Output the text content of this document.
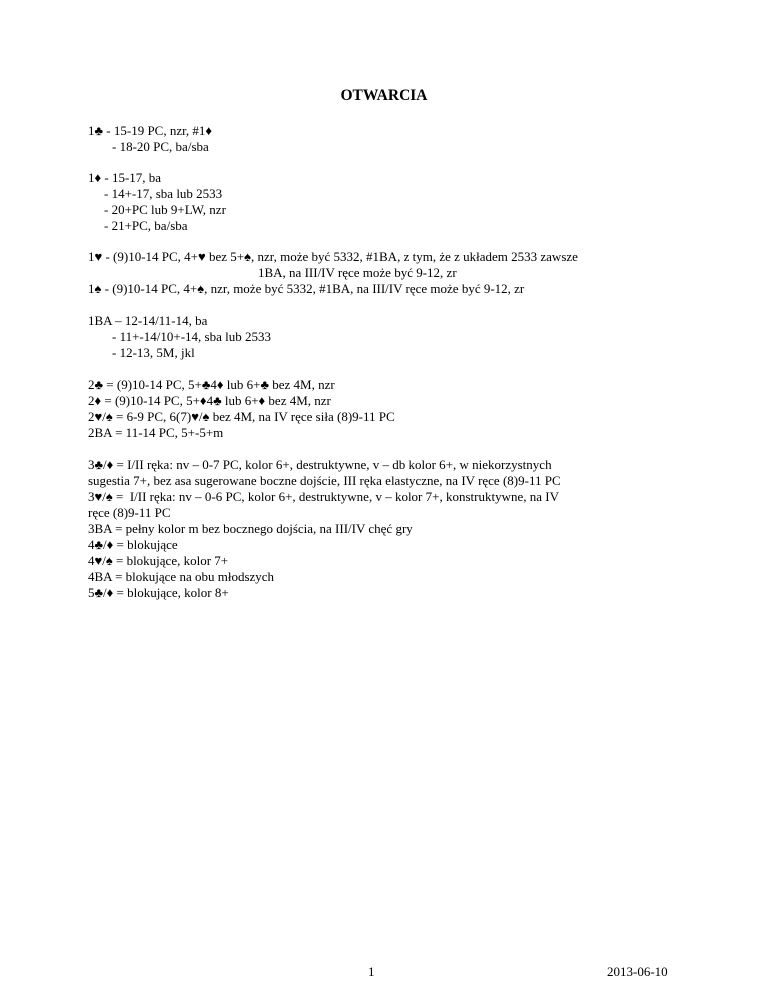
OTWARCIA
1♣ - 15-19 PC, nzr, #1♦
- 18-20 PC, ba/sba
1♦ - 15-17, ba
- 14+-17, sba lub 2533
- 20+PC lub 9+LW, nzr
- 21+PC, ba/sba
1♥ - (9)10-14 PC, 4+♥ bez 5+♠, nzr, może być 5332, #1BA, z tym, że z układem 2533 zawsze
1BA, na III/IV ręce może być 9-12, zr
1♠ - (9)10-14 PC, 4+♠, nzr, może być 5332, #1BA, na III/IV ręce może być 9-12, zr
1BA – 12-14/11-14, ba
- 11+-14/10+-14, sba lub 2533
- 12-13, 5M, jkl
2♣ = (9)10-14 PC, 5+♣4♦ lub 6+♣ bez 4M, nzr
2♦ = (9)10-14 PC, 5+♦4♣ lub 6+♦ bez 4M, nzr
2♥/♠ = 6-9 PC, 6(7)♥/♠ bez 4M, na IV ręce siła (8)9-11 PC
2BA = 11-14 PC, 5+-5+m
3♣/♦ = I/II ręka: nv – 0-7 PC, kolor 6+, destruktywne, v – db kolor 6+, w niekorzystnych
sugestia 7+, bez asa sugerowane boczne dojście, III ręka elastyczne, na IV ręce (8)9-11 PC
3♥/♠ =  I/II ręka: nv – 0-6 PC, kolor 6+, destruktywne, v – kolor 7+, konstruktywne, na IV
ręce (8)9-11 PC
3BA = pełny kolor m bez bocznego dojścia, na III/IV chęć gry
4♣/♦ = blokujące
4♥/♠ = blokujące, kolor 7+
4BA = blokujące na obu młodszych
5♣/♦ = blokujące, kolor 8+
1	2013-06-10
